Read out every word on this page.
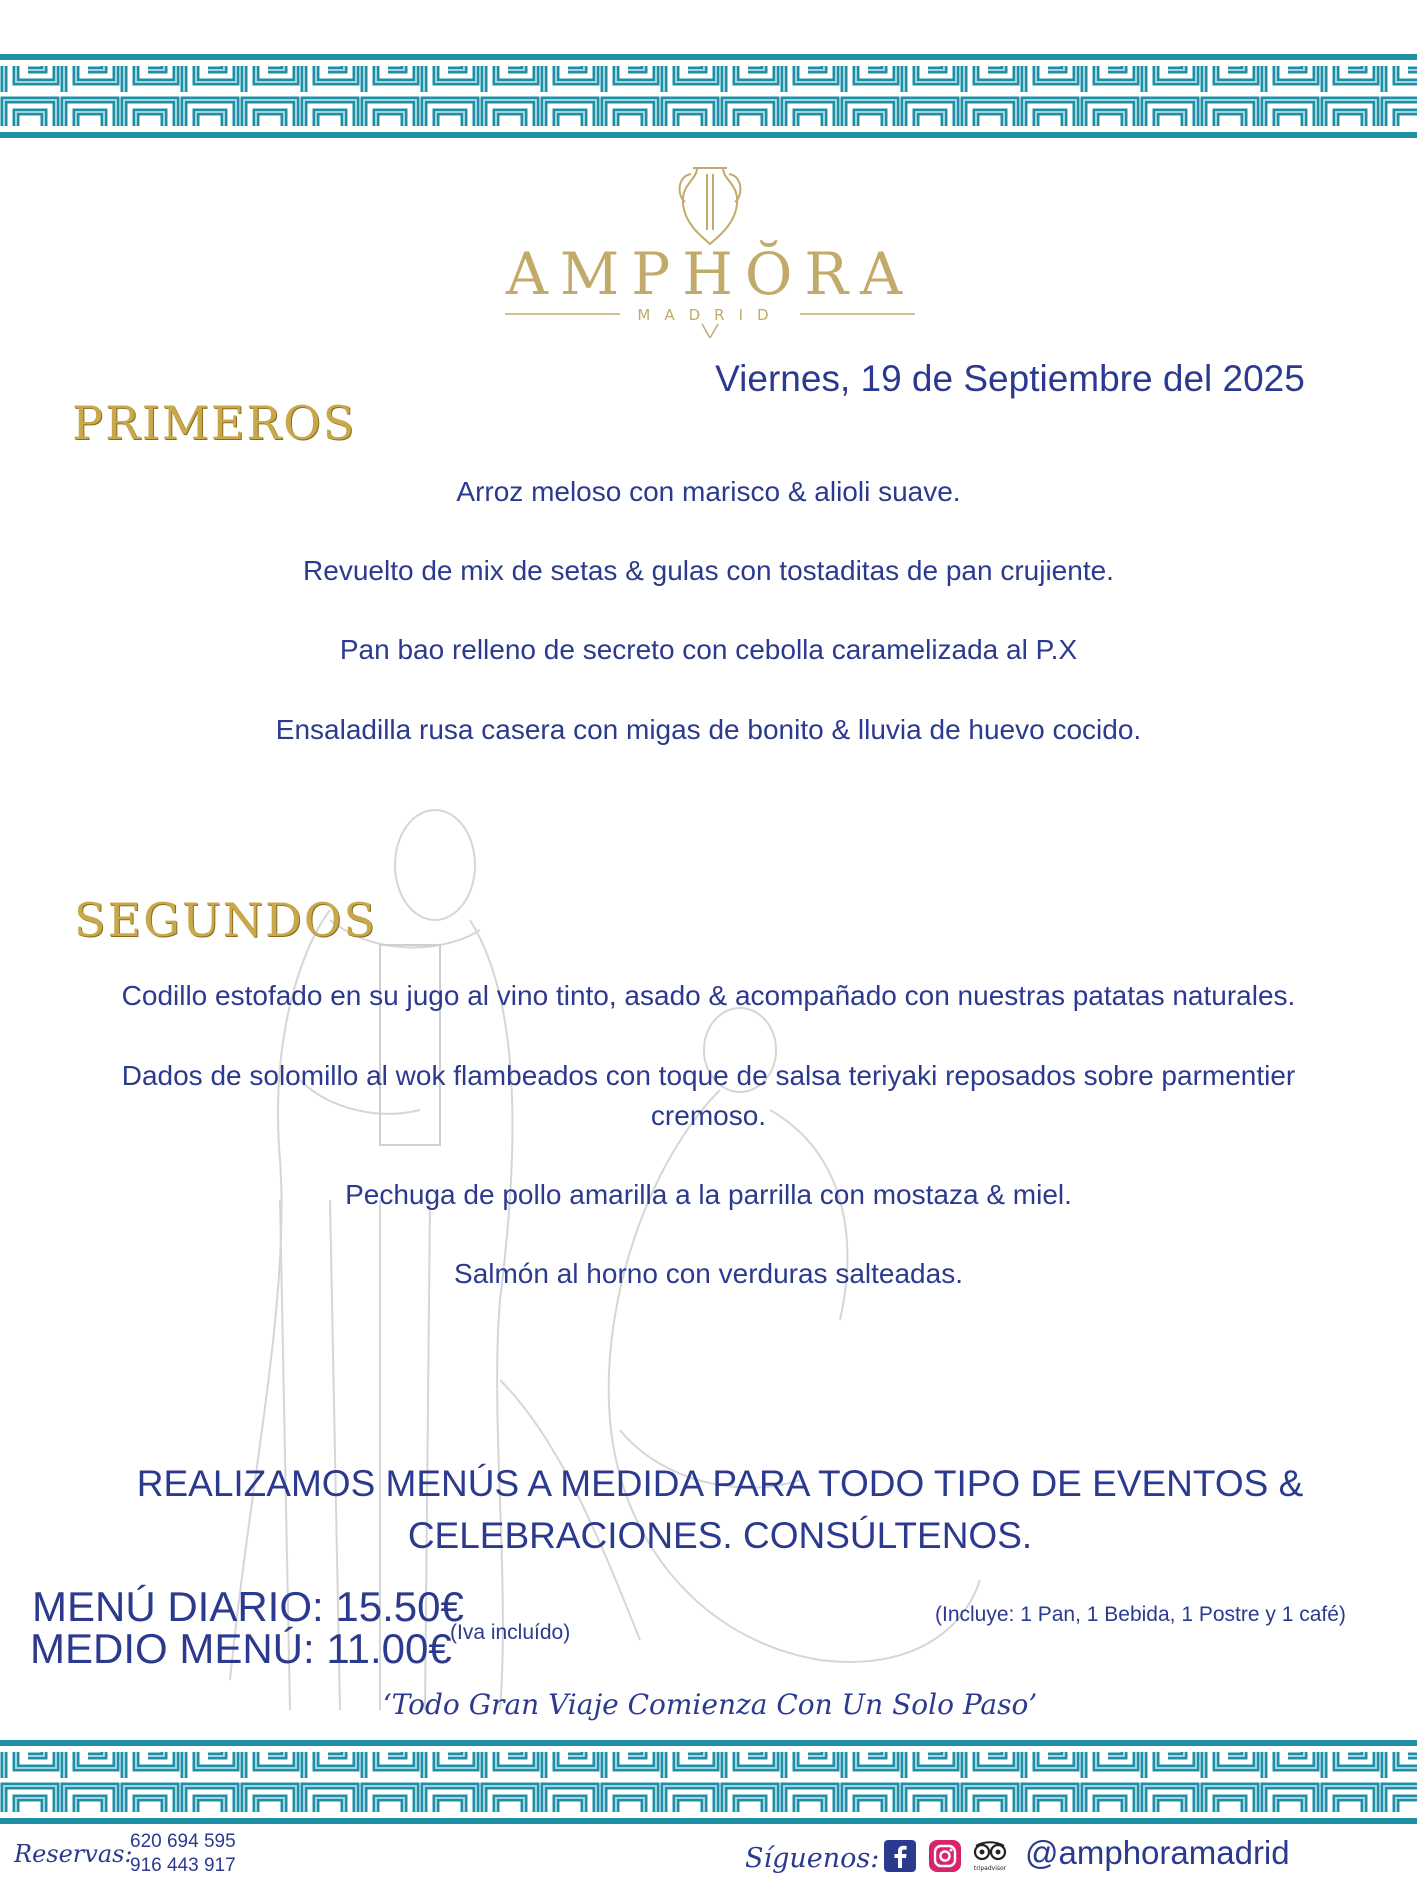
AMPHŎRA
MADRID
Viernes, 19 de Septiembre del 2025
PRIMEROS
Arroz meloso con marisco & alioli suave.
Revuelto de mix de setas & gulas con tostaditas de pan crujiente.
Pan bao relleno de secreto con cebolla caramelizada al P.X
Ensaladilla rusa casera con migas de bonito & lluvia de huevo cocido.
SEGUNDOS
Codillo estofado en su jugo al vino tinto, asado & acompañado con nuestras patatas naturales.
Dados de solomillo al wok flambeados con toque de salsa teriyaki reposados sobre parmentier
cremoso.
Pechuga de pollo amarilla a la parrilla con mostaza & miel.
Salmón al horno con verduras salteadas.
REALIZAMOS MENÚS A MEDIDA PARA TODO TIPO DE EVENTOS &
CELEBRACIONES. CONSÚLTENOS.
MENÚ DIARIO: 15.50€
MEDIO MENÚ: 11.00€
(Iva incluído)
(Incluye: 1 Pan, 1 Bebida, 1 Postre y 1 café)
‘Todo Gran Viaje Comienza Con Un Solo Paso’
Reservas:
620 694 595
916 443 917	Síguenos:	tripadvisor @amphoramadrid
